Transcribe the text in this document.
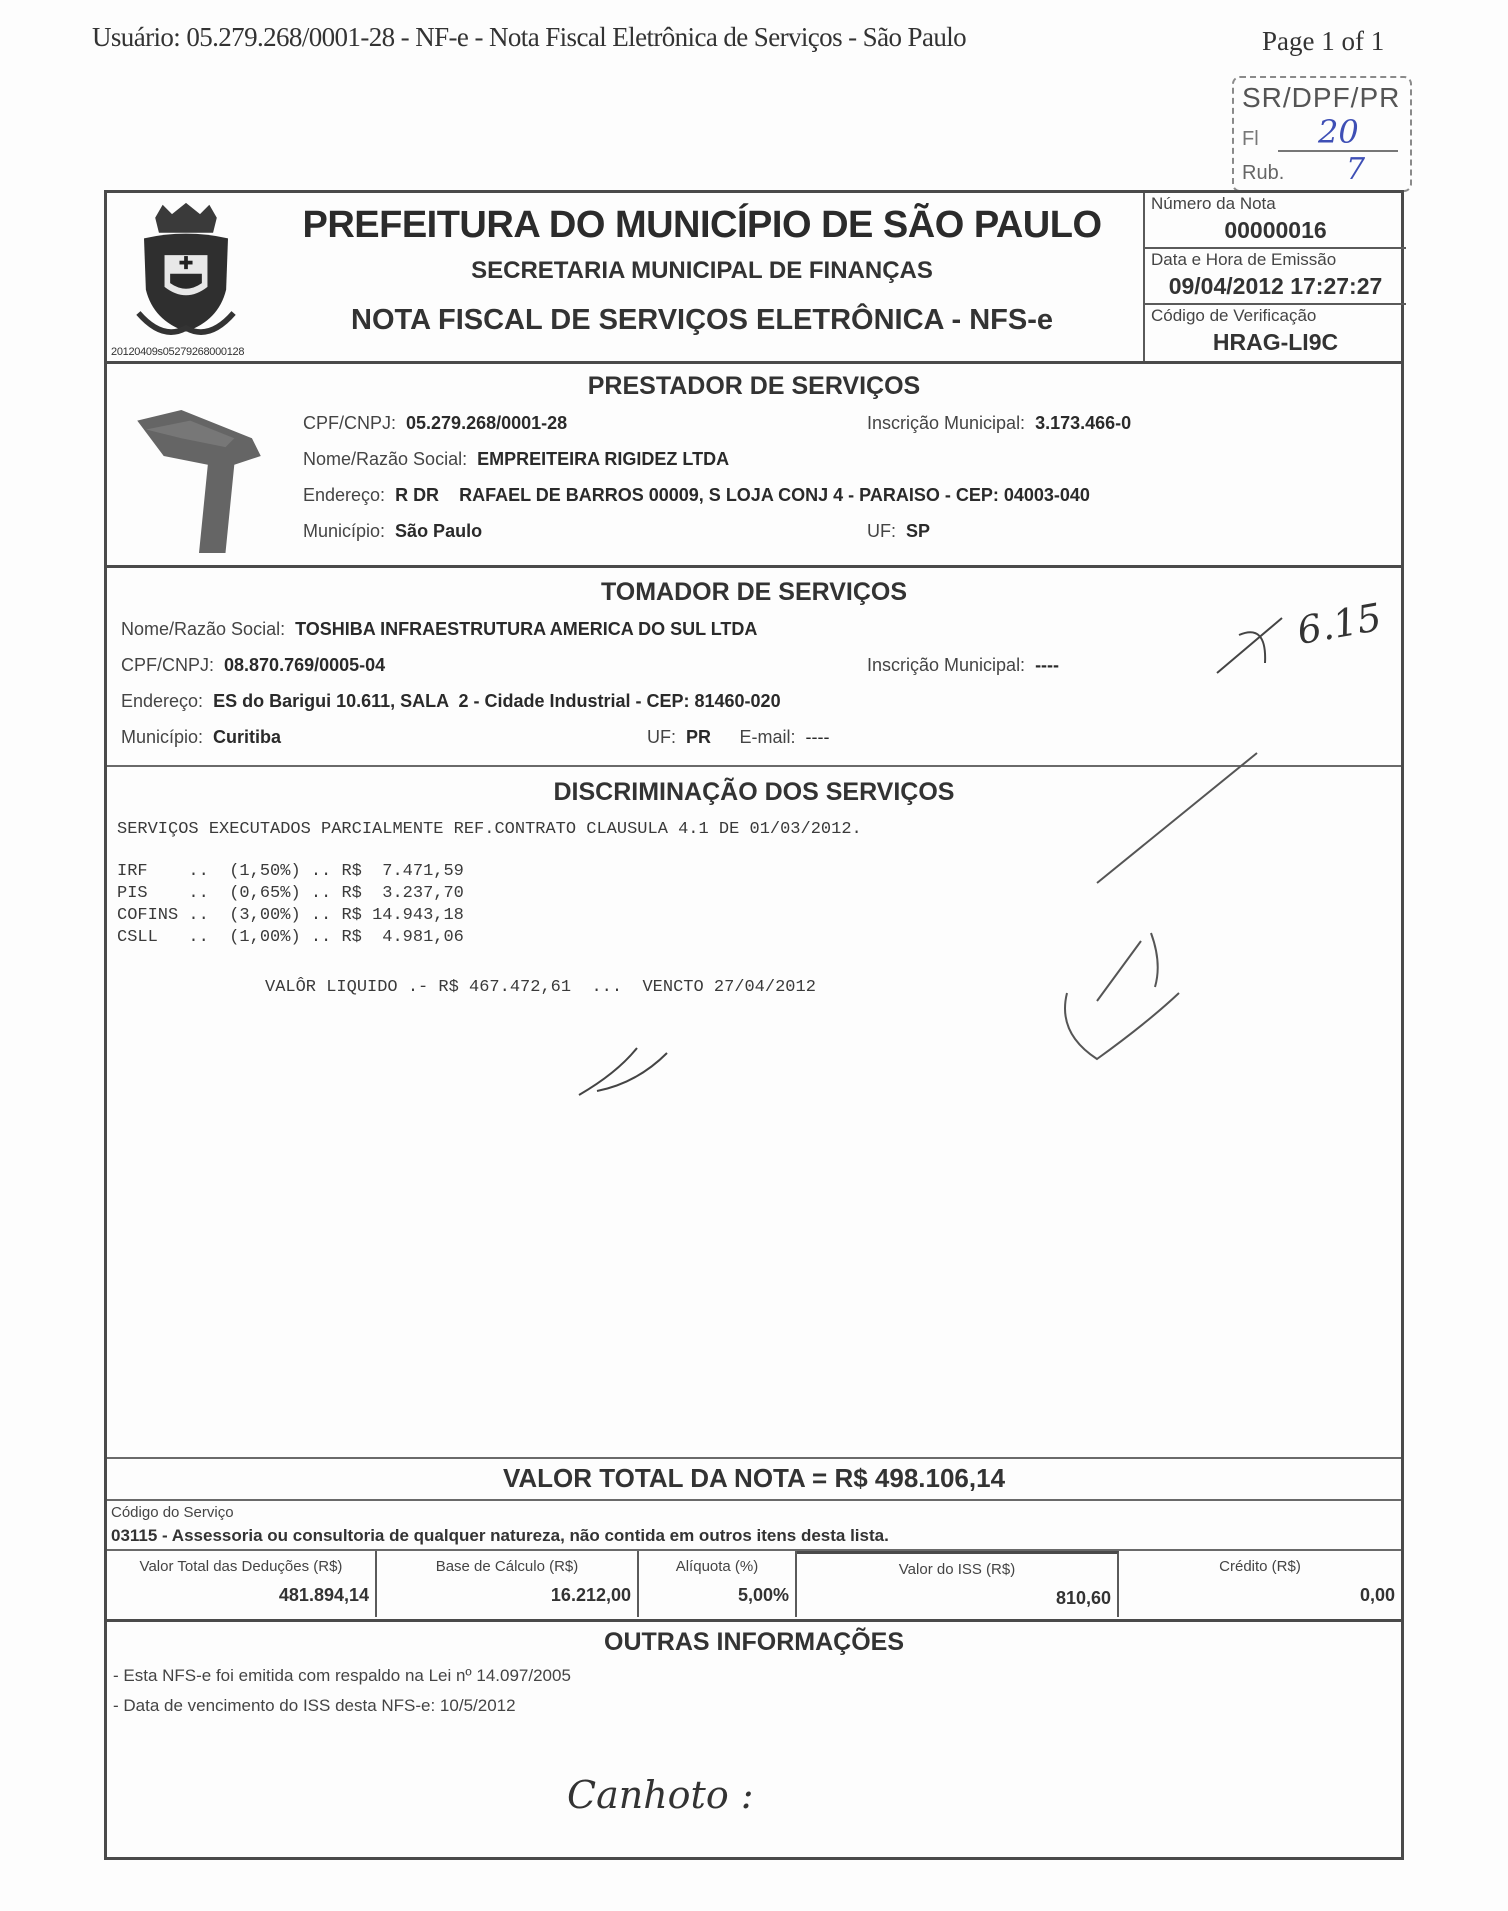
Usuário: 05.279.268/0001-28 - NF-e - Nota Fiscal Eletrônica de Serviços - São Paulo	Page 1 of 1
SR/DPF/PR
Fl 20
Rub. 7
20120409s05279268000128
PREFEITURA DO MUNICÍPIO DE SÃO PAULO
SECRETARIA MUNICIPAL DE FINANÇAS
NOTA FISCAL DE SERVIÇOS ELETRÔNICA - NFS-e
Número da Nota
00000016
Data e Hora de Emissão
09/04/2012 17:27:27
Código de Verificação
HRAG-LI9C
PRESTADOR DE SERVIÇOS
CPF/CNPJ: 05.279.268/0001-28	Inscrição Municipal: 3.173.466-0
Nome/Razão Social: EMPREITEIRA RIGIDEZ LTDA
Endereço: R DR    RAFAEL DE BARROS 00009, S LOJA CONJ 4 - PARAISO - CEP: 04003-040
Município: São Paulo	UF: SP
TOMADOR DE SERVIÇOS
Nome/Razão Social: TOSHIBA INFRAESTRUTURA AMERICA DO SUL LTDA
CPF/CNPJ: 08.870.769/0005-04	Inscrição Municipal: ----
Endereço: ES do Barigui 10.611, SALA  2 - Cidade Industrial - CEP: 81460-020
Município: Curitiba	UF: PR E-mail: ----
DISCRIMINAÇÃO DOS SERVIÇOS
SERVIÇOS EXECUTADOS PARCIALMENTE REF.CONTRATO CLAUSULA 4.1 DE 01/03/2012.
IRF    ..  (1,50%) .. R$  7.471,59
PIS    ..  (0,65%) .. R$  3.237,70
COFINS ..  (3,00%) .. R$ 14.943,18
CSLL   ..  (1,00%) .. R$  4.981,06
VALÔR LIQUIDO .- R$ 467.472,61  ...  VENCTO 27/04/2012
6.15
VALOR TOTAL DA NOTA = R$ 498.106,14
Código do Serviço
03115 - Assessoria ou consultoria de qualquer natureza, não contida em outros itens desta lista.
Valor Total das Deduções (R$)
481.894,14
Base de Cálculo (R$)
16.212,00
Alíquota (%)
5,00%
Valor do ISS (R$)
810,60
Crédito (R$)
0,00
OUTRAS INFORMAÇÕES
- Esta NFS-e foi emitida com respaldo na Lei nº 14.097/2005
- Data de vencimento do ISS desta NFS-e: 10/5/2012
Canhoto :
